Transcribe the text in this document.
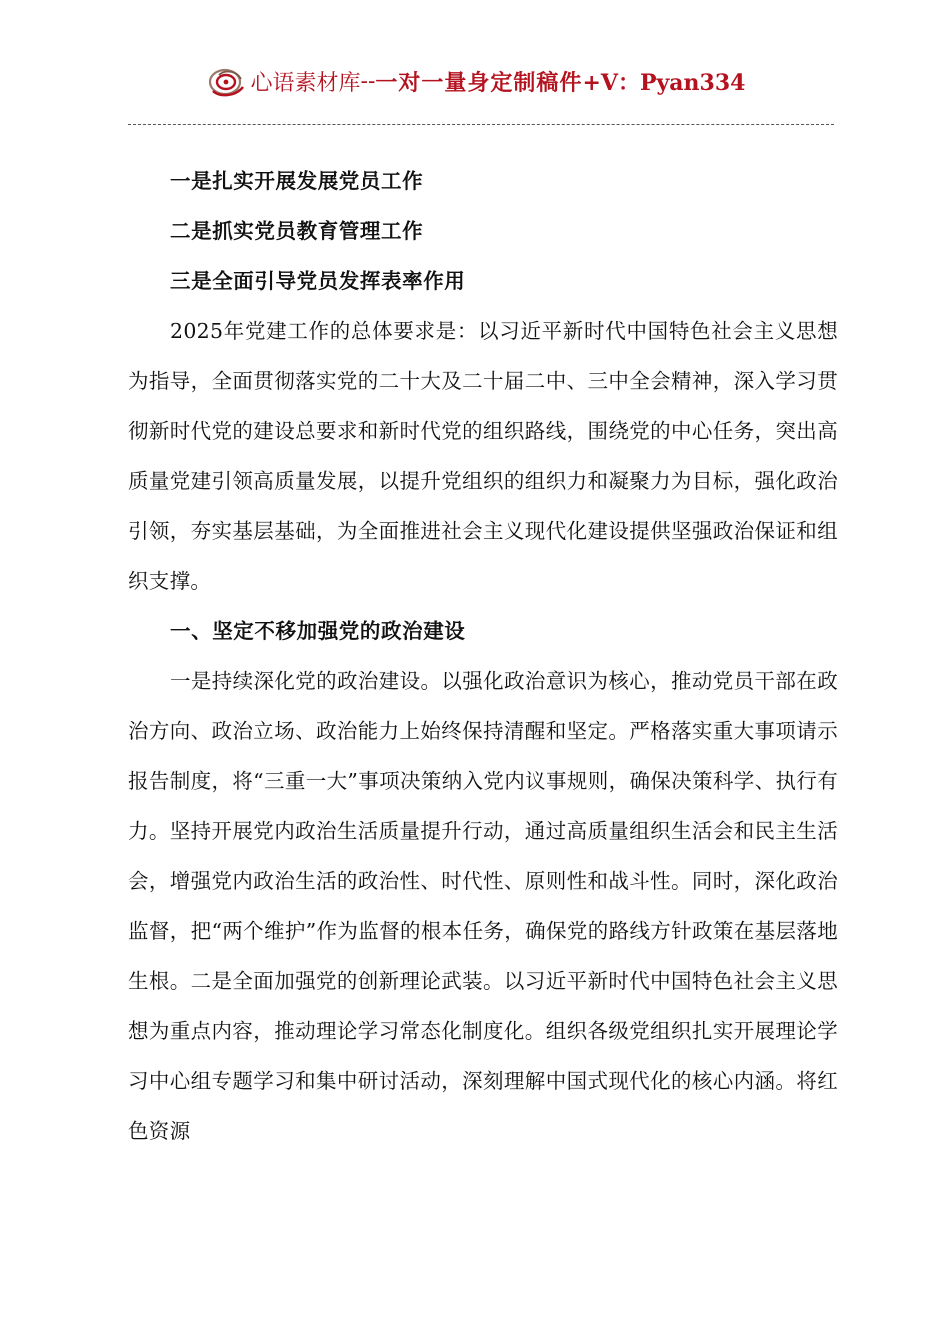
心语素材库 -- 一对一量身定制稿件 +V：Pyan334

一是扎实开展发展党员工作

二是抓实党员教育管理工作

三是全面引导党员发挥表率作用

2025年党建工作的总体要求是：以习近平新时代中国特色社会主义思想为指导，全面贯彻落实党的二十大及二十届二中、三中全会精神，深入学习贯彻新时代党的建设总要求和新时代党的组织路线，围绕党的中心任务，突出高质量党建引领高质量发展，以提升党组织的组织力和凝聚力为目标，强化政治引领，夯实基层基础，为全面推进社会主义现代化建设提供坚强政治保证和组织支撑。

一、坚定不移加强党的政治建设

一是持续深化党的政治建设。以强化政治意识为核心，推动党员干部在政治方向、政治立场、政治能力上始终保持清醒和坚定。严格落实重大事项请示报告制度，将“三重一大”事项决策纳入党内议事规则，确保决策科学、执行有力。坚持开展党内政治生活质量提升行动，通过高质量组织生活会和民主生活会，增强党内政治生活的政治性、时代性、原则性和战斗性。同时，深化政治监督，把“两个维护”作为监督的根本任务，确保党的路线方针政策在基层落地生根。二是全面加强党的创新理论武装。以习近平新时代中国特色社会主义思想为重点内容，推动理论学习常态化制度化。组织各级党组织扎实开展理论学习中心组专题学习和集中研讨活动，深刻理解中国式现代化的核心内涵。将红色资源
